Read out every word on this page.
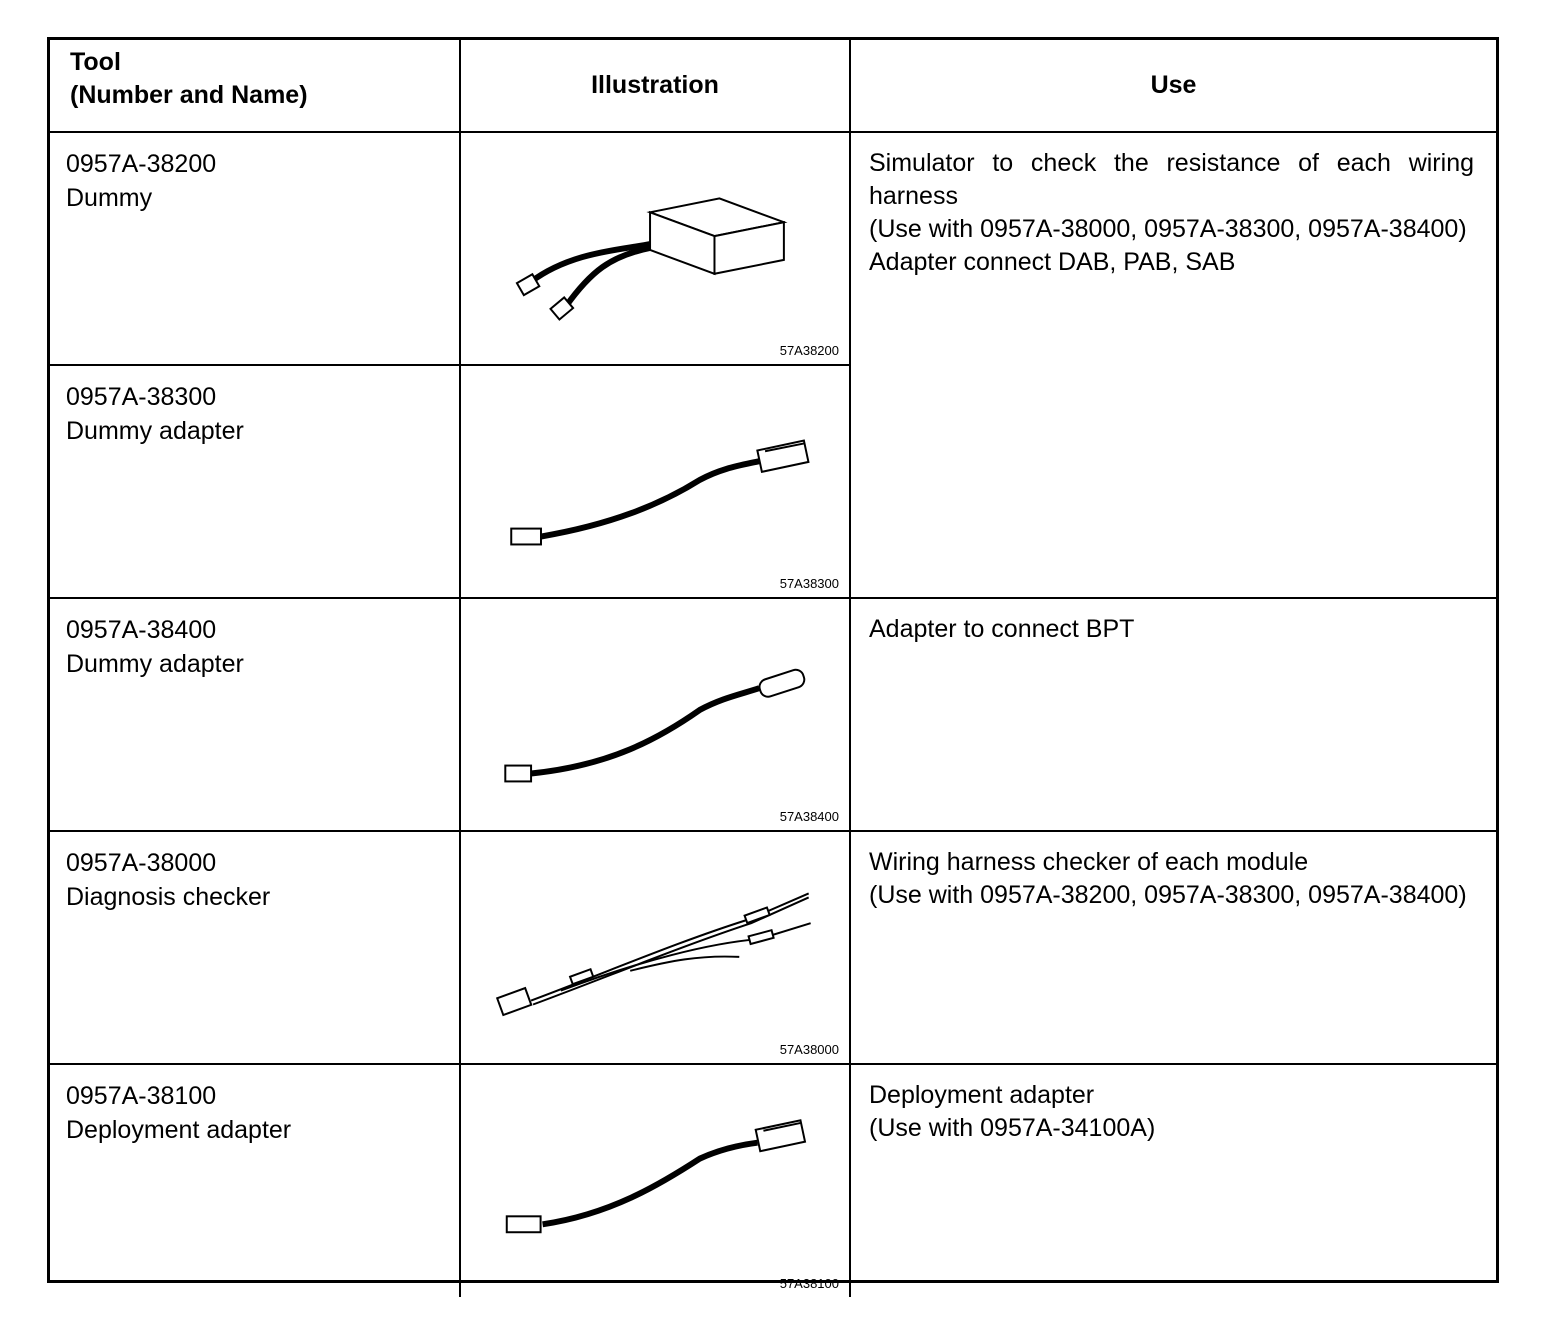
Tool
(Number and Name)	Illustration	Use

0957A-38200
Dummy	57A38200	Simulator to check the resistance of each wiring harness
(Use with 0957A-38000, 0957A-38300, 0957A-38400)
Adapter connect DAB, PAB, SAB

0957A-38300
Dummy adapter	57A38300	

0957A-38400
Dummy adapter	57A38400	Adapter to connect BPT

0957A-38000
Diagnosis checker	57A38000	Wiring harness checker of each module
(Use with 0957A-38200, 0957A-38300, 0957A-38400)

0957A-38100
Deployment adapter	57A38100	Deployment adapter
(Use with 0957A-34100A)
